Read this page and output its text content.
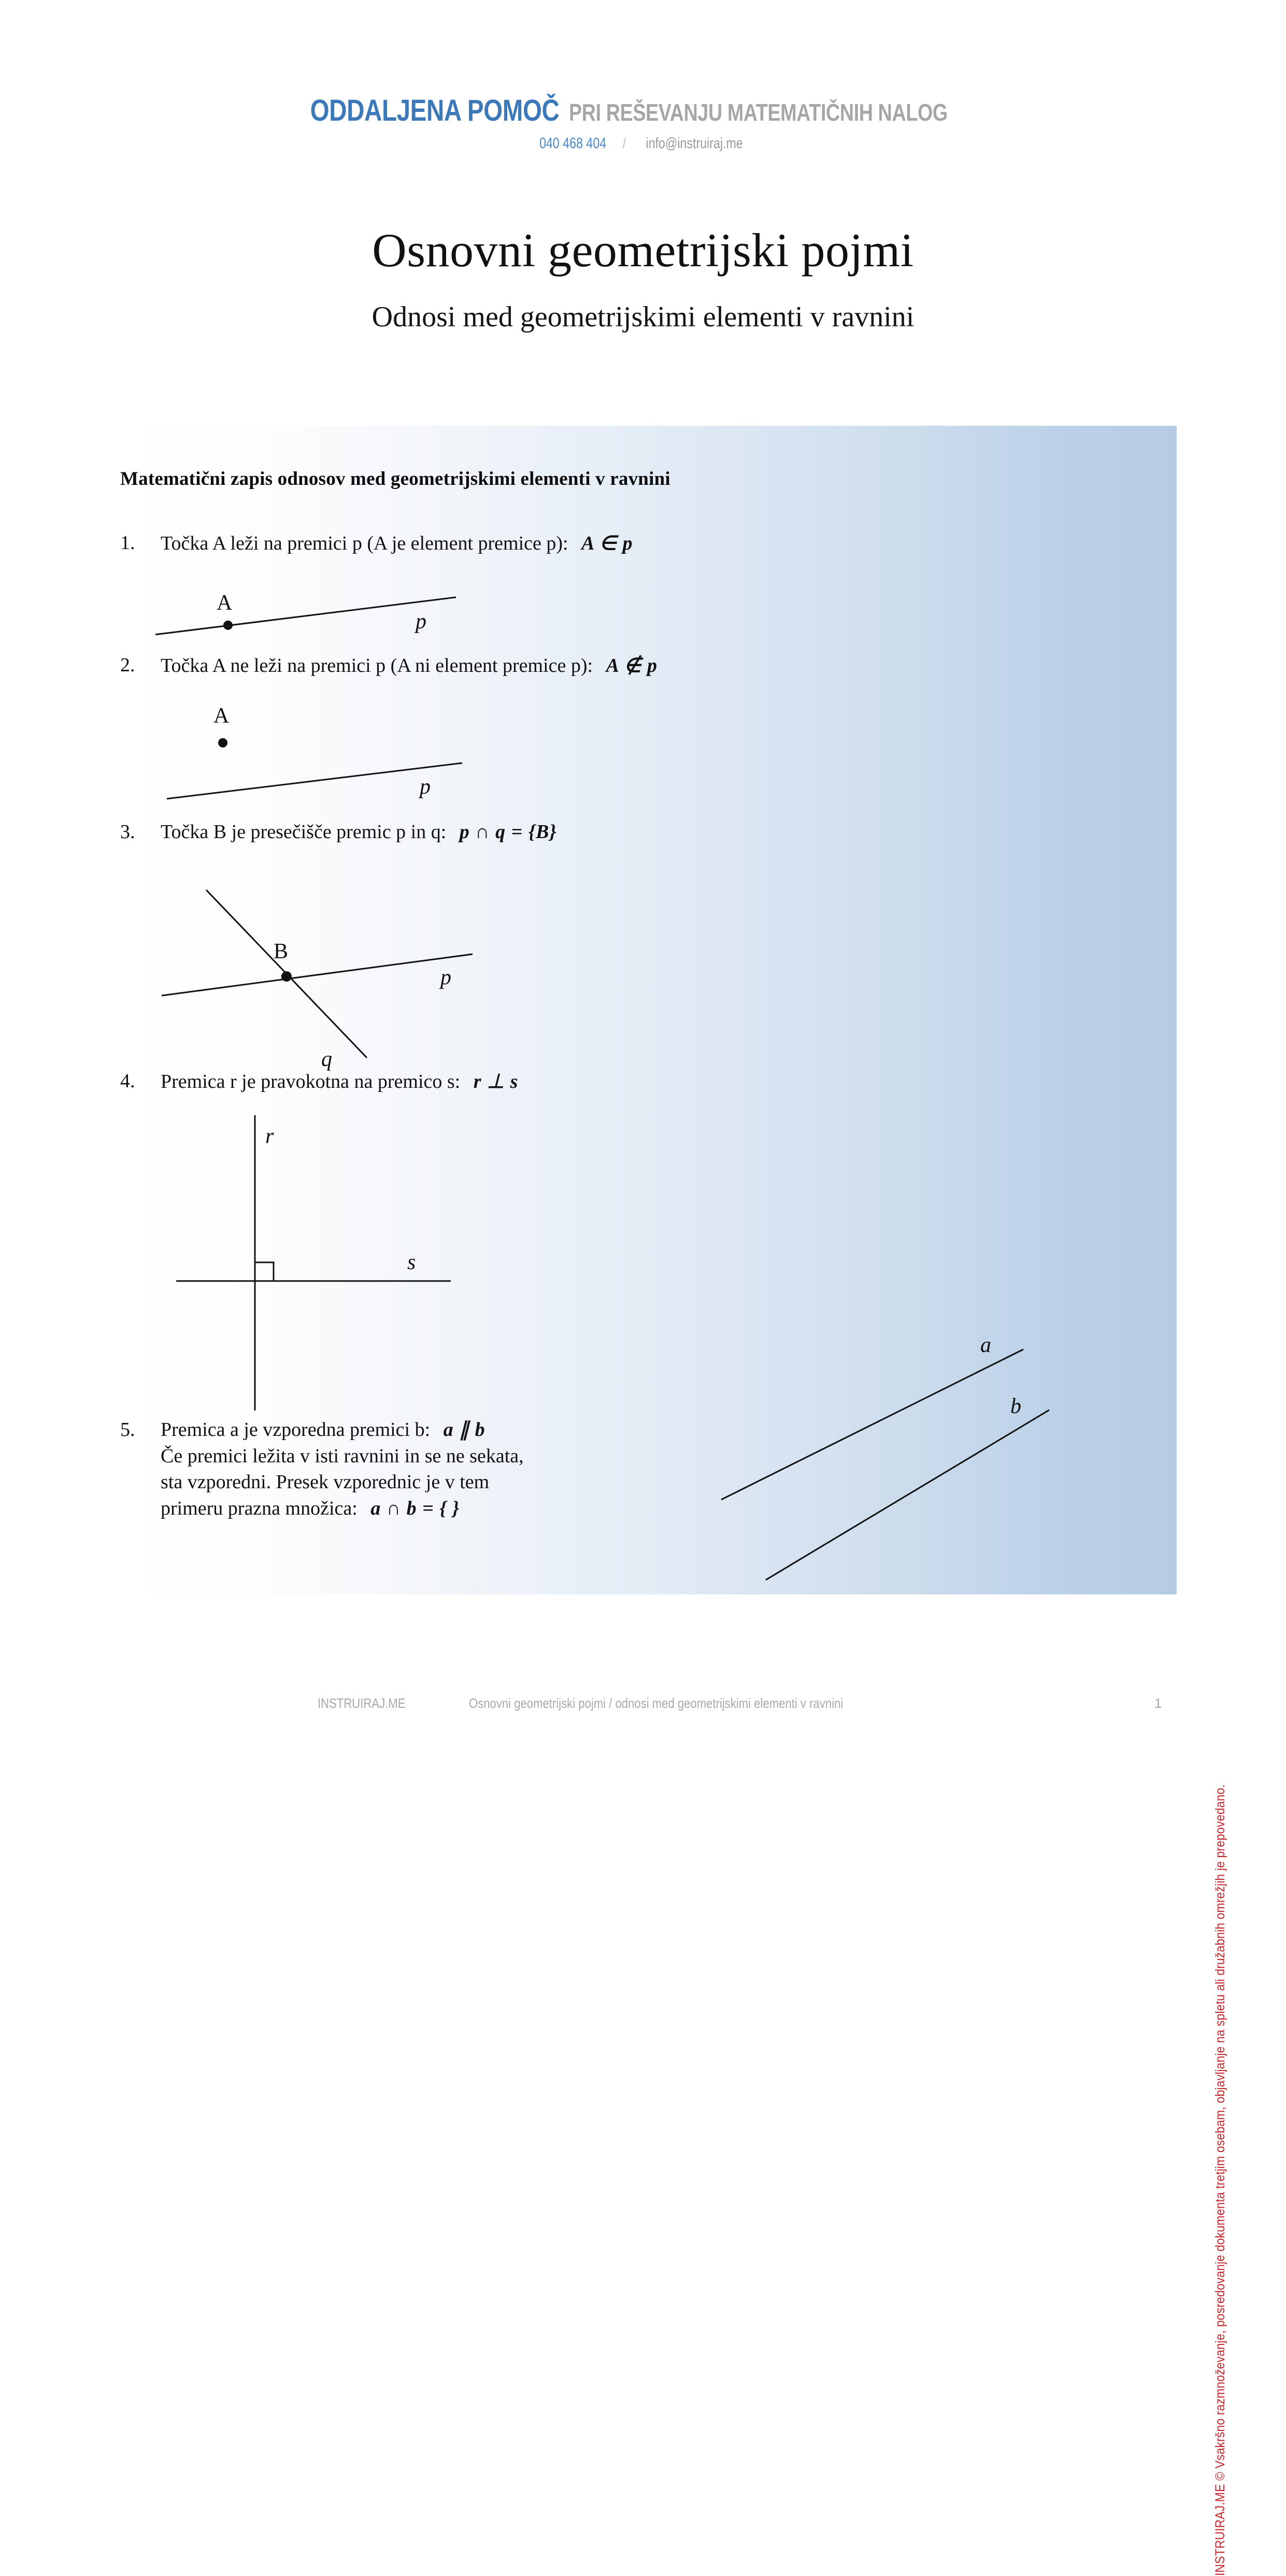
ODDALJENA POMOČ PRI REŠEVANJU MATEMATIČNIH NALOG
040 468 404 / info@instruiraj.me
Osnovni geometrijski pojmi
Odnosi med geometrijskimi elementi v ravnini
Matematični zapis odnosov med geometrijskimi elementi v ravnini
1.	Točka A leži na premici p (A je element premice p): A ∈ p
A
p
2.	Točka A ne leži na premici p (A ni element premice p): A ∉ p
A
p
3.	Točka B je presečišče premic p in q: p ∩ q = {B}
B
p
q
4.	Premica r je pravokotna na premico s: r ⊥ s
r
s
5.	Premica a je vzporedna premici b: a ∥ b
Če premici ležita v isti ravnini in se ne sekata,
sta vzporedni. Presek vzporednic je v tem
primeru prazna množica: a ∩ b = { }
a
b
INSTRUIRAJ.ME © Vsakršno razmnoževanje, posredovanje dokumenta tretjim osebam, objavljanje na spletu ali družabnih omrežjih je prepovedano.
INSTRUIRAJ.ME	Osnovni geometrijski pojmi / odnosi med geometrijskimi elementi v ravnini	1
